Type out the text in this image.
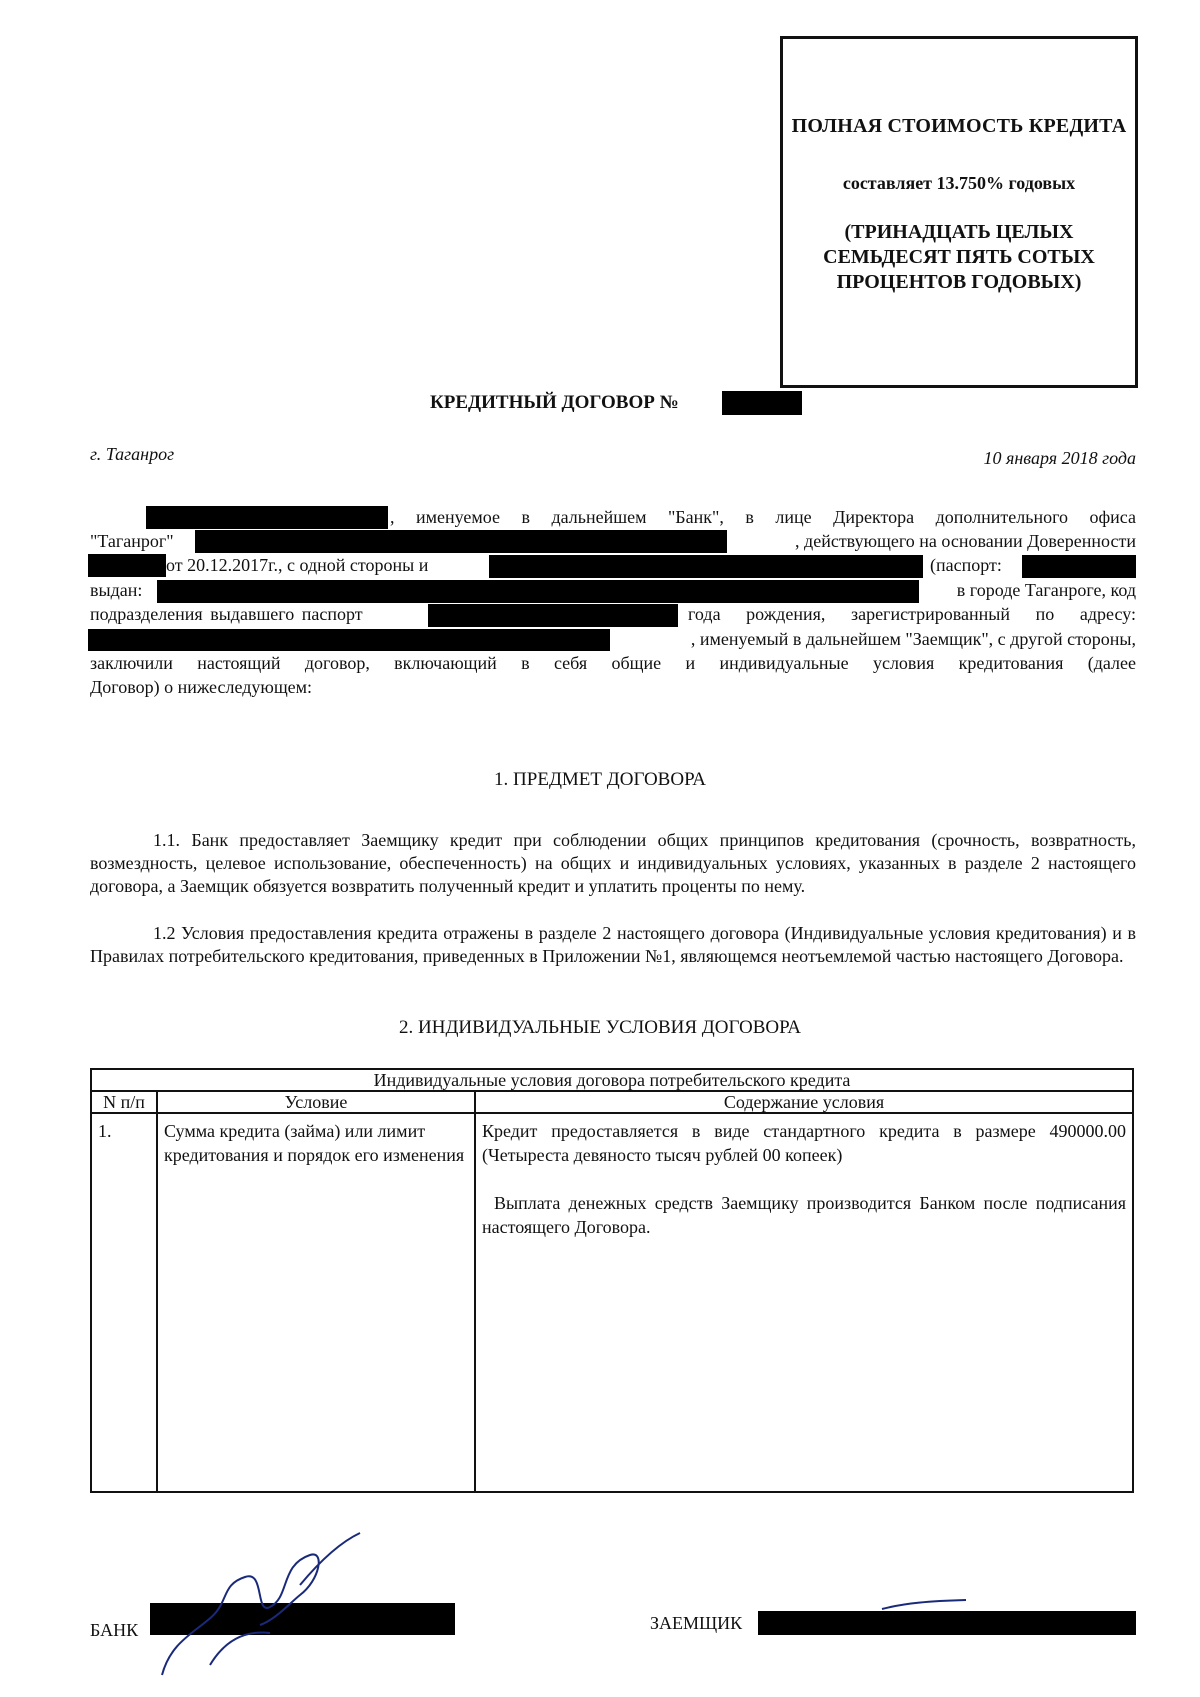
ПОЛНАЯ СТОИМОСТЬ КРЕДИТА
составляет 13.750% годовых
(ТРИНАДЦАТЬ ЦЕЛЫХ СЕМЬДЕСЯТ ПЯТЬ СОТЫХ ПРОЦЕНТОВ ГОДОВЫХ)
КРЕДИТНЫЙ ДОГОВОР №
г. Таганрог	10 января 2018 года
, именуемое в дальнейшем "Банк", в лице Директора дополнительного офиса
"Таганрог"	, действующего на основании Доверенности
от 20.12.2017г., с одной стороны и	(паспорт:
выдан:	в городе Таганроге, код
подразделения выдавшего паспорт	года рождения, зарегистрированный по адресу:
, именуемый в дальнейшем "Заемщик", с другой стороны,
заключили настоящий договор, включающий в себя общие и индивидуальные условия кредитования (далее
Договор) о нижеследующем:
1. ПРЕДМЕТ ДОГОВОРА
1.1. Банк предоставляет Заемщику кредит при соблюдении общих принципов кредитования (срочность, возвратность, возмездность, целевое использование, обеспеченность) на общих и индивидуальных условиях, указанных в разделе 2 настоящего договора, а Заемщик обязуется возвратить полученный кредит и уплатить проценты по нему.
1.2 Условия предоставления кредита отражены в разделе 2 настоящего договора (Индивидуальные условия кредитования) и в Правилах потребительского кредитования, приведенных в Приложении №1, являющемся неотъемлемой частью настоящего Договора.
2. ИНДИВИДУАЛЬНЫЕ УСЛОВИЯ ДОГОВОРА
Индивидуальные условия договора потребительского кредита		
N п/п	Условие	Содержание условия
1.	Сумма кредита (займа) или лимит кредитования и порядок его изменения	Кредит предоставляется в виде стандартного кредита в размере 490000.00 (Четыреста девяносто тысяч рублей 00 копеек)
Выплата денежных средств Заемщику производится Банком после подписания настоящего Договора.
БАНК	ЗАЕМЩИК
